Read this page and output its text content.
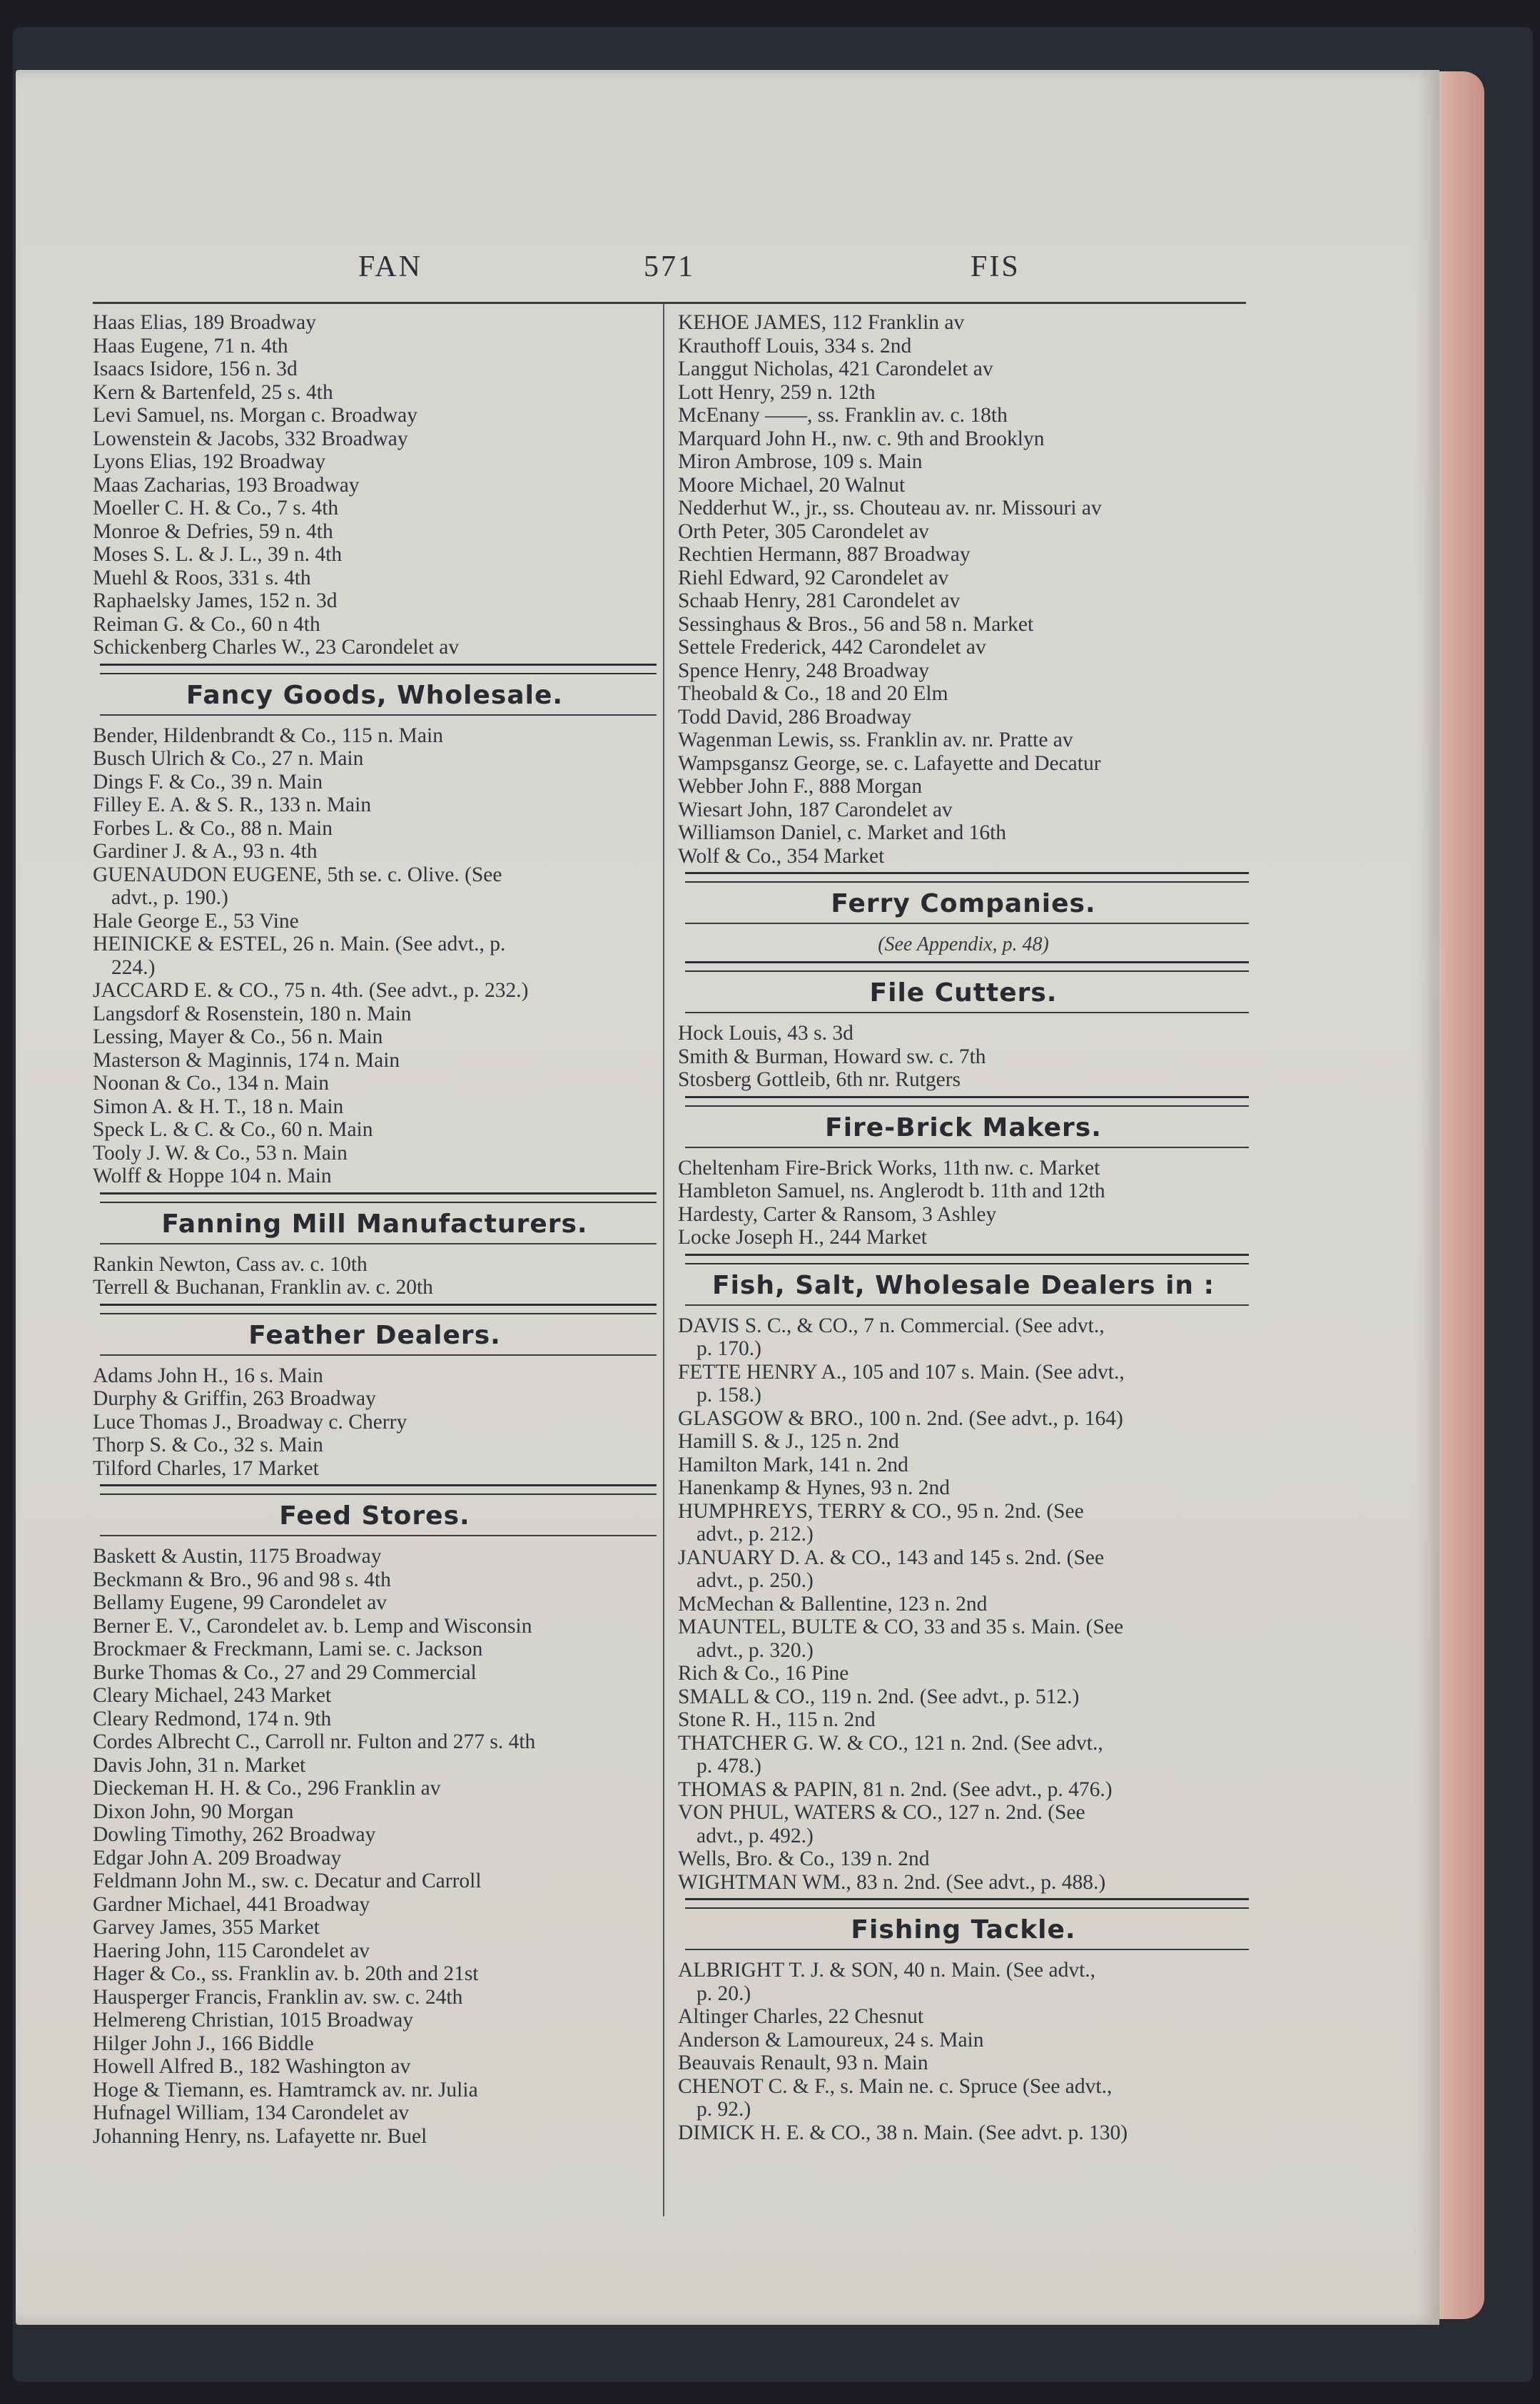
FAN	571	FIS
Haas Elias, 189 Broadway
Haas Eugene, 71 n. 4th
Isaacs Isidore, 156 n. 3d
Kern & Bartenfeld, 25 s. 4th
Levi Samuel, ns. Morgan c. Broadway
Lowenstein & Jacobs, 332 Broadway
Lyons Elias, 192 Broadway
Maas Zacharias, 193 Broadway
Moeller C. H. & Co., 7 s. 4th
Monroe & Defries, 59 n. 4th
Moses S. L. & J. L., 39 n. 4th
Muehl & Roos, 331 s. 4th
Raphaelsky James, 152 n. 3d
Reiman G. & Co., 60 n 4th
Schickenberg Charles W., 23 Carondelet av
Fancy Goods, Wholesale.
Bender, Hildenbrandt & Co., 115 n. Main
Busch Ulrich & Co., 27 n. Main
Dings F. & Co., 39 n. Main
Filley E. A. & S. R., 133 n. Main
Forbes L. & Co., 88 n. Main
Gardiner J. & A., 93 n. 4th
GUENAUDON EUGENE, 5th se. c. Olive. (See
advt., p. 190.)
Hale George E., 53 Vine
HEINICKE & ESTEL, 26 n. Main. (See advt., p.
224.)
JACCARD E. & CO., 75 n. 4th. (See advt., p. 232.)
Langsdorf & Rosenstein, 180 n. Main
Lessing, Mayer & Co., 56 n. Main
Masterson & Maginnis, 174 n. Main
Noonan & Co., 134 n. Main
Simon A. & H. T., 18 n. Main
Speck L. & C. & Co., 60 n. Main
Tooly J. W. & Co., 53 n. Main
Wolff & Hoppe 104 n. Main
Fanning Mill Manufacturers.
Rankin Newton, Cass av. c. 10th
Terrell & Buchanan, Franklin av. c. 20th
Feather Dealers.
Adams John H., 16 s. Main
Durphy & Griffin, 263 Broadway
Luce Thomas J., Broadway c. Cherry
Thorp S. & Co., 32 s. Main
Tilford Charles, 17 Market
Feed Stores.
Baskett & Austin, 1175 Broadway
Beckmann & Bro., 96 and 98 s. 4th
Bellamy Eugene, 99 Carondelet av
Berner E. V., Carondelet av. b. Lemp and Wisconsin
Brockmaer & Freckmann, Lami se. c. Jackson
Burke Thomas & Co., 27 and 29 Commercial
Cleary Michael, 243 Market
Cleary Redmond, 174 n. 9th
Cordes Albrecht C., Carroll nr. Fulton and 277 s. 4th
Davis John, 31 n. Market
Dieckeman H. H. & Co., 296 Franklin av
Dixon John, 90 Morgan
Dowling Timothy, 262 Broadway
Edgar John A. 209 Broadway
Feldmann John M., sw. c. Decatur and Carroll
Gardner Michael, 441 Broadway
Garvey James, 355 Market
Haering John, 115 Carondelet av
Hager & Co., ss. Franklin av. b. 20th and 21st
Hausperger Francis, Franklin av. sw. c. 24th
Helmereng Christian, 1015 Broadway
Hilger John J., 166 Biddle
Howell Alfred B., 182 Washington av
Hoge & Tiemann, es. Hamtramck av. nr. Julia
Hufnagel William, 134 Carondelet av
Johanning Henry, ns. Lafayette nr. Buel
KEHOE JAMES, 112 Franklin av
Krauthoff Louis, 334 s. 2nd
Langgut Nicholas, 421 Carondelet av
Lott Henry, 259 n. 12th
McEnany ——, ss. Franklin av. c. 18th
Marquard John H., nw. c. 9th and Brooklyn
Miron Ambrose, 109 s. Main
Moore Michael, 20 Walnut
Nedderhut W., jr., ss. Chouteau av. nr. Missouri av
Orth Peter, 305 Carondelet av
Rechtien Hermann, 887 Broadway
Riehl Edward, 92 Carondelet av
Schaab Henry, 281 Carondelet av
Sessinghaus & Bros., 56 and 58 n. Market
Settele Frederick, 442 Carondelet av
Spence Henry, 248 Broadway
Theobald & Co., 18 and 20 Elm
Todd David, 286 Broadway
Wagenman Lewis, ss. Franklin av. nr. Pratte av
Wampsgansz George, se. c. Lafayette and Decatur
Webber John F., 888 Morgan
Wiesart John, 187 Carondelet av
Williamson Daniel, c. Market and 16th
Wolf & Co., 354 Market
Ferry Companies.
(See Appendix, p. 48)
File Cutters.
Hock Louis, 43 s. 3d
Smith & Burman, Howard sw. c. 7th
Stosberg Gottleib, 6th nr. Rutgers
Fire-Brick Makers.
Cheltenham Fire-Brick Works, 11th nw. c. Market
Hambleton Samuel, ns. Anglerodt b. 11th and 12th
Hardesty, Carter & Ransom, 3 Ashley
Locke Joseph H., 244 Market
Fish, Salt, Wholesale Dealers in :
DAVIS S. C., & CO., 7 n. Commercial. (See advt.,
p. 170.)
FETTE HENRY A., 105 and 107 s. Main. (See advt.,
p. 158.)
GLASGOW & BRO., 100 n. 2nd. (See advt., p. 164)
Hamill S. & J., 125 n. 2nd
Hamilton Mark, 141 n. 2nd
Hanenkamp & Hynes, 93 n. 2nd
HUMPHREYS, TERRY & CO., 95 n. 2nd. (See
advt., p. 212.)
JANUARY D. A. & CO., 143 and 145 s. 2nd. (See
advt., p. 250.)
McMechan & Ballentine, 123 n. 2nd
MAUNTEL, BULTE & CO, 33 and 35 s. Main. (See
advt., p. 320.)
Rich & Co., 16 Pine
SMALL & CO., 119 n. 2nd. (See advt., p. 512.)
Stone R. H., 115 n. 2nd
THATCHER G. W. & CO., 121 n. 2nd. (See advt.,
p. 478.)
THOMAS & PAPIN, 81 n. 2nd. (See advt., p. 476.)
VON PHUL, WATERS & CO., 127 n. 2nd. (See
advt., p. 492.)
Wells, Bro. & Co., 139 n. 2nd
WIGHTMAN WM., 83 n. 2nd. (See advt., p. 488.)
Fishing Tackle.
ALBRIGHT T. J. & SON, 40 n. Main. (See advt.,
p. 20.)
Altinger Charles, 22 Chesnut
Anderson & Lamoureux, 24 s. Main
Beauvais Renault, 93 n. Main
CHENOT C. & F., s. Main ne. c. Spruce (See advt.,
p. 92.)
DIMICK H. E. & CO., 38 n. Main. (See advt. p. 130)
